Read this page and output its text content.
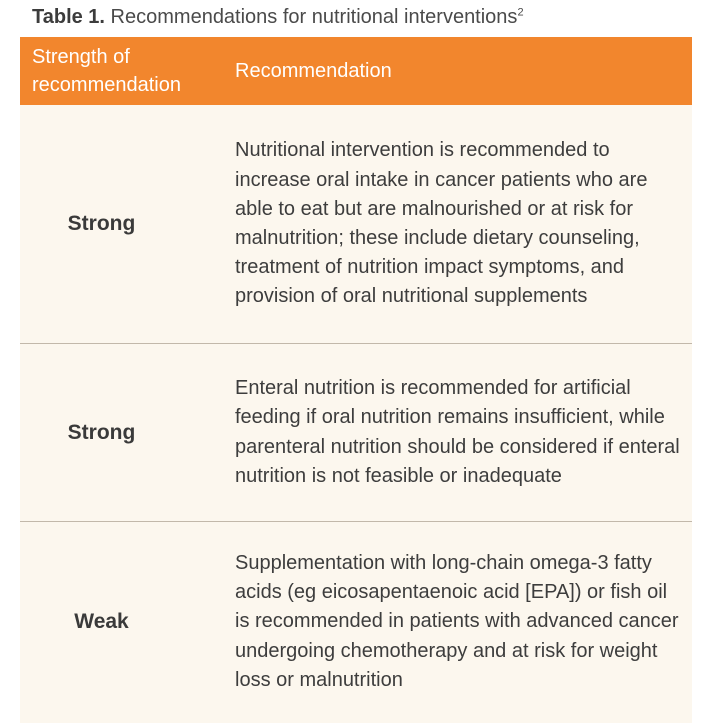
Table 1. Recommendations for nutritional interventions$^2$
Strength of recommendation
Recommendation
Strong
Nutritional intervention is recommended to increase oral intake in cancer patients who are able to eat but are malnourished or at risk for malnutrition; these include dietary counseling, treatment of nutrition impact symptoms, and provision of oral nutritional supplements
Strong
Enteral nutrition is recommended for artificial feeding if oral nutrition remains insufficient, while parenteral nutrition should be considered if enteral nutrition is not feasible or inadequate
Weak
Supplementation with long-chain omega-3 fatty acids (eg eicosapentaenoic acid [EPA]) or fish oil is recommended in patients with advanced cancer undergoing chemotherapy and at risk for weight loss or malnutrition
